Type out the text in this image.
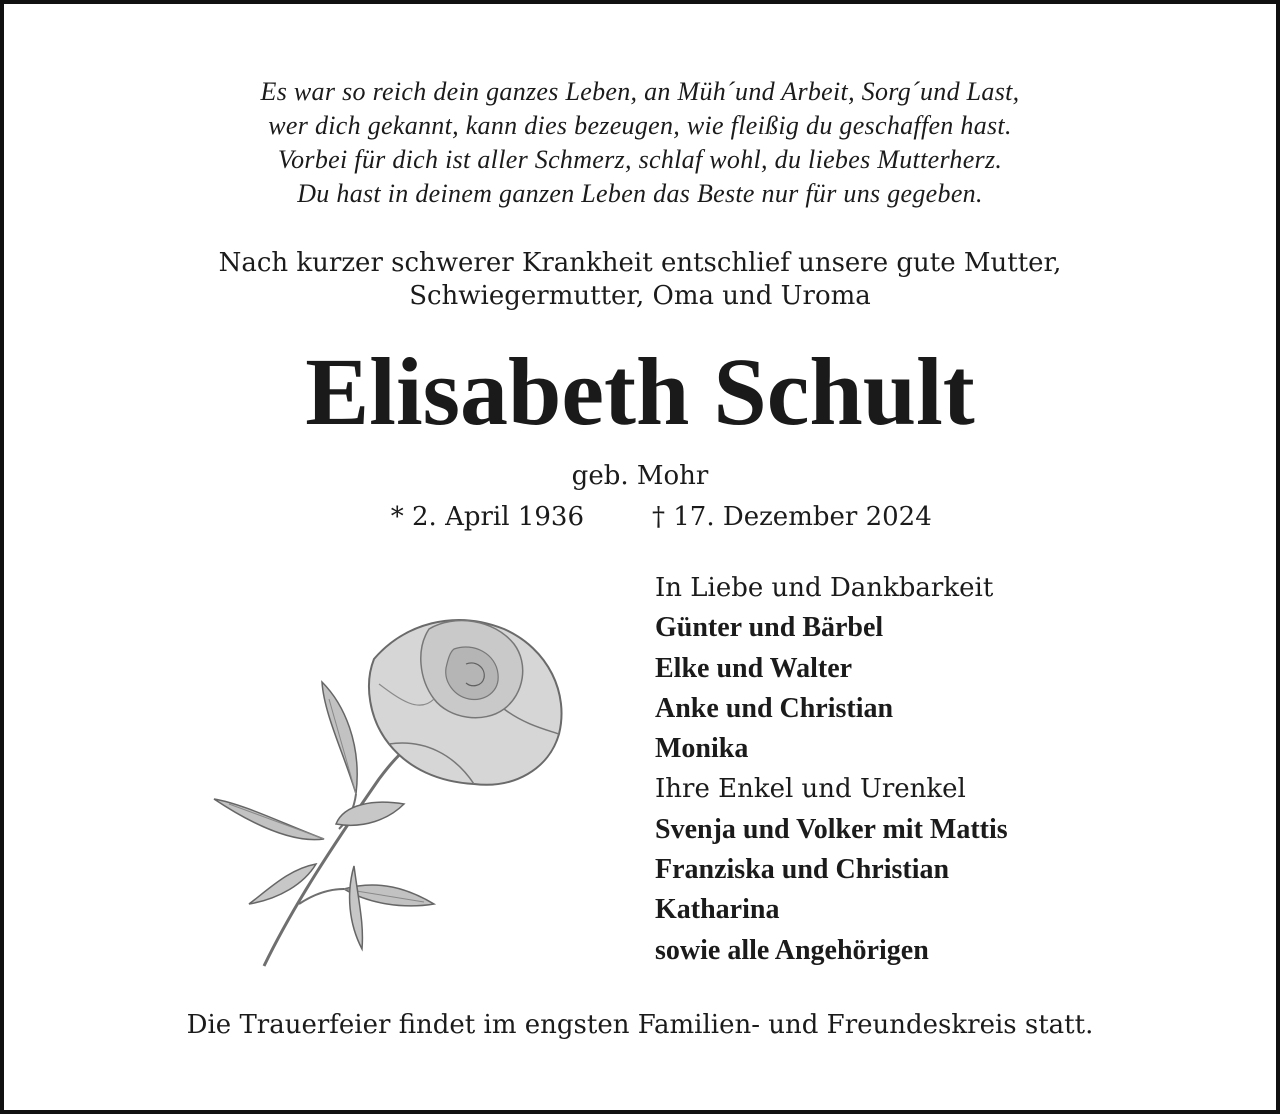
Es war so reich dein ganzes Leben, an Müh´und Arbeit, Sorg´und Last,
wer dich gekannt, kann dies bezeugen, wie fleißig du geschaffen hast.
Vorbei für dich ist aller Schmerz, schlaf wohl, du liebes Mutterherz.
Du hast in deinem ganzen Leben das Beste nur für uns gegeben.
Nach kurzer schwerer Krankheit entschlief unsere gute Mutter,
Schwiegermutter, Oma und Uroma
Elisabeth Schult
geb. Mohr
* 2. April 1936	† 17. Dezember 2024
In Liebe und Dankbarkeit
Günter und Bärbel
Elke und Walter
Anke und Christian
Monika
Ihre Enkel und Urenkel
Svenja und Volker mit Mattis
Franziska und Christian
Katharina
sowie alle Angehörigen
Die Trauerfeier findet im engsten Familien- und Freundeskreis statt.
